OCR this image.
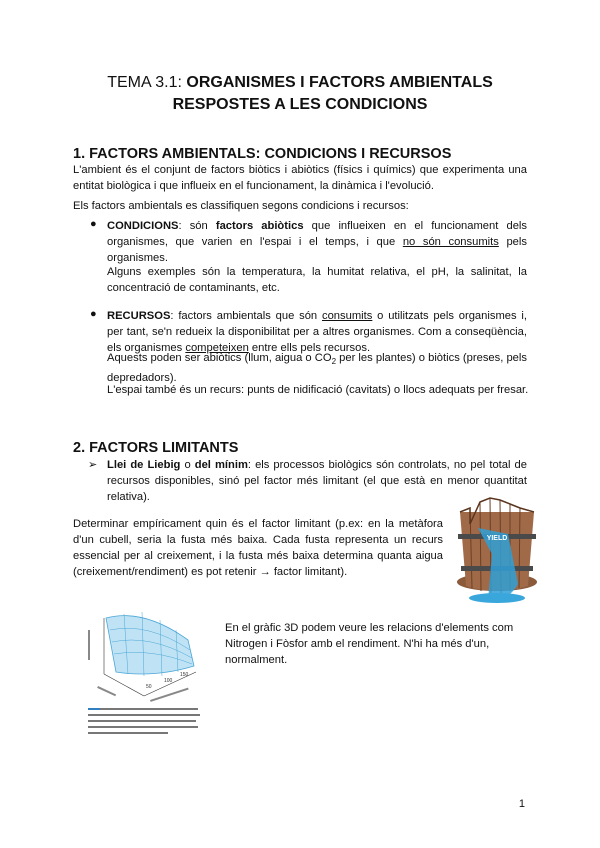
TEMA 3.1: ORGANISMES I FACTORS AMBIENTALS
RESPOSTES A LES CONDICIONS
1. FACTORS AMBIENTALS: CONDICIONS I RECURSOS
L'ambient és el conjunt de factors biòtics i abiòtics (físics i químics) que experimenta una entitat biològica i que influeix en el funcionament, la dinàmica i l'evolució.
Els factors ambientals es classifiquen segons condicions i recursos:
● CONDICIONS: són factors abiòtics que influeixen en el funcionament dels organismes, que varien en l'espai i el temps, i que no són consumits pels organismes.
Alguns exemples són la temperatura, la humitat relativa, el pH, la salinitat, la concentració de contaminants, etc.
● RECURSOS: factors ambientals que són consumits o utilitzats pels organismes i, per tant, se'n redueix la disponibilitat per a altres organismes. Com a conseqüència, els organismes competeixen entre ells pels recursos.
Aquests poden ser abiòtics (llum, aigua o $CO_2$ per les plantes) o biòtics (preses, pels depredadors).
L'espai també és un recurs: punts de nidificació (cavitats) o llocs adequats per fresar.
2. FACTORS LIMITANTS
➢ Llei de Liebig o del mínim: els processos biològics són controlats, no pel total de recursos disponibles, sinó pel factor més limitant (el que està en menor quantitat relativa).
Determinar empíricament quin és el factor limitant (p.ex: en la metàfora d'un cubell, seria la fusta més baixa. Cada fusta representa un recurs essencial per al creixement, i la fusta més baixa determina quanta aigua (creixement/rendiment) es pot retenir → factor limitant).
YIELD
50
100
150
En el gràfic 3D podem veure les relacions d'elements com Nitrogen i Fòsfor amb el rendiment. N'hi ha més d'un, normalment.
1
